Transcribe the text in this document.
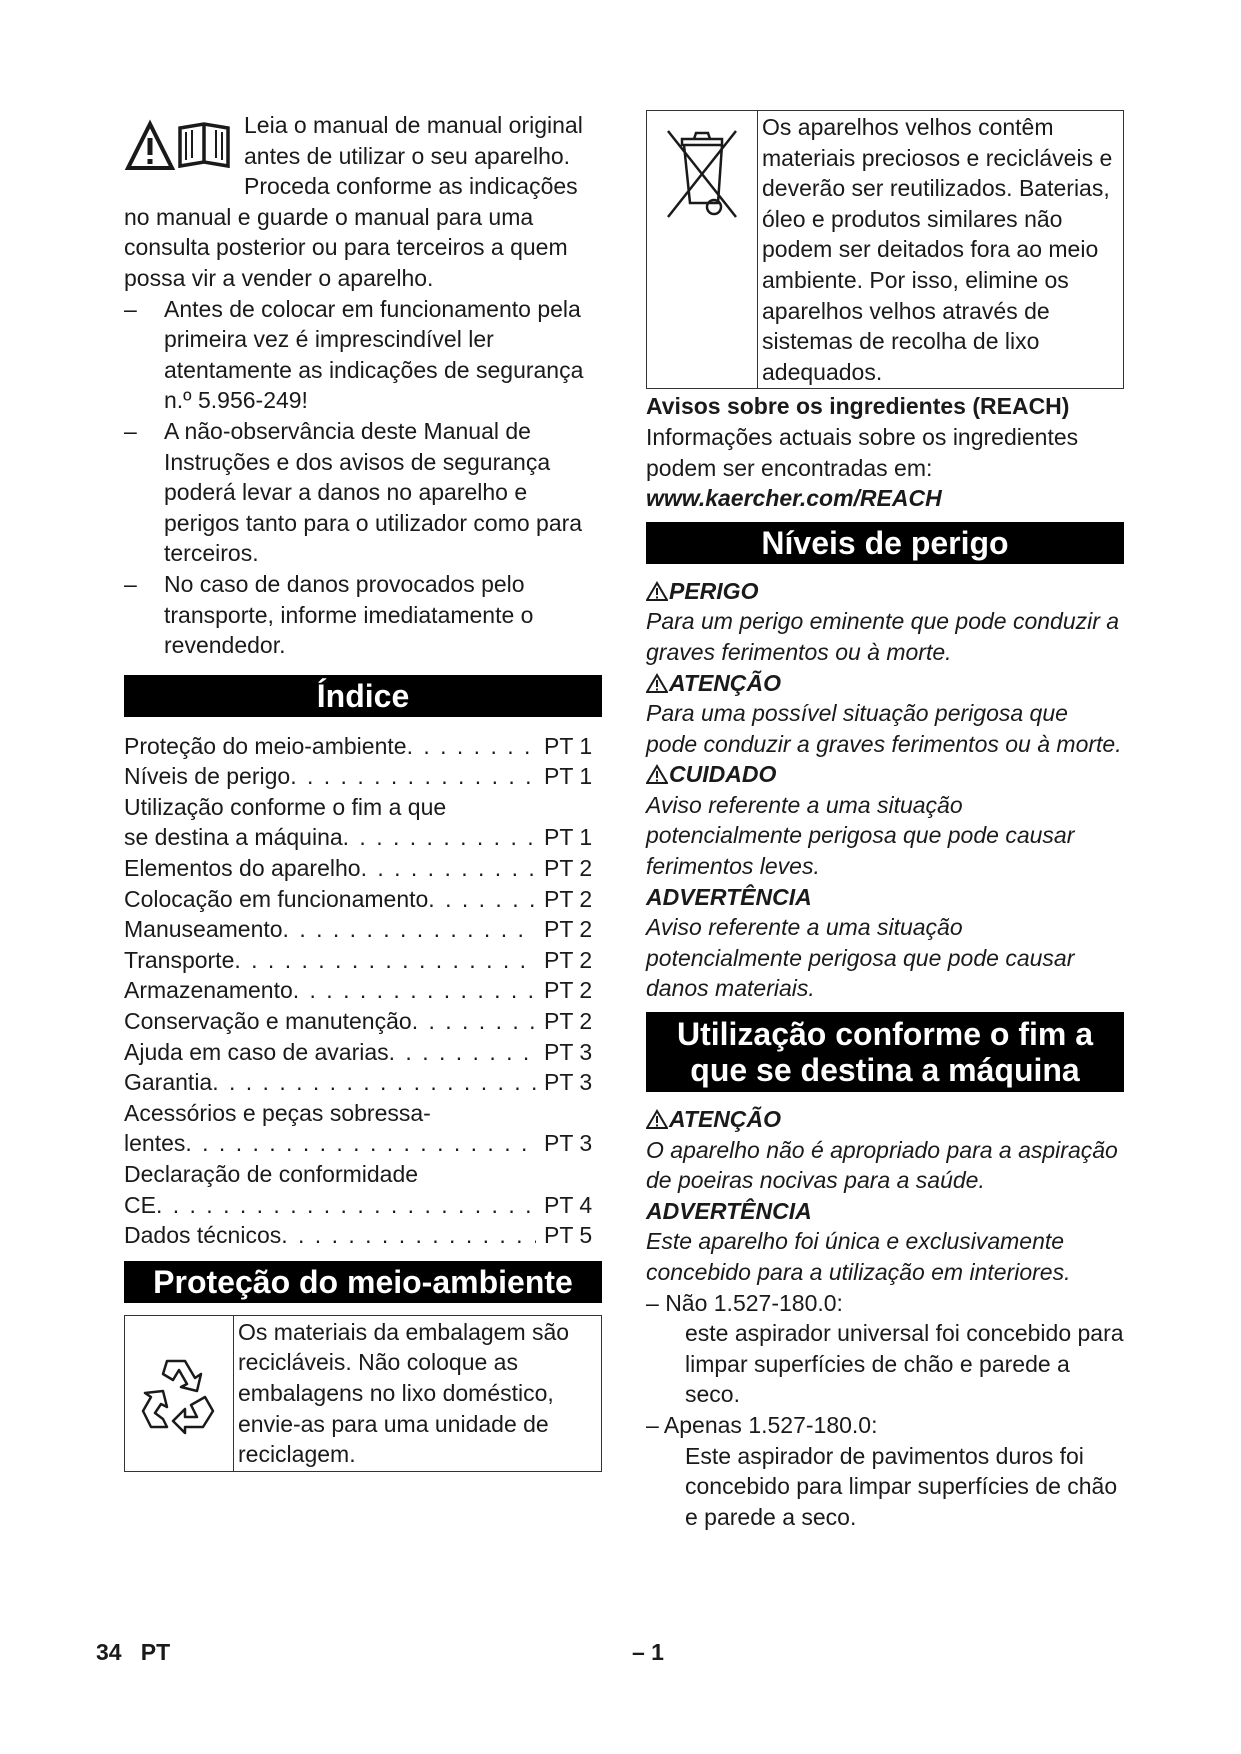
Leia o manual de manual original antes de utilizar o seu aparelho. Proceda conforme as indicações no manual e guarde o manual para uma consulta posterior ou para terceiros a quem possa vir a vender o aparelho.

– Antes de colocar em funcionamento pela primeira vez é imprescindível ler atentamente as indicações de segurança n.º 5.956-249!

– A não-observância deste Manual de Instruções e dos avisos de segurança poderá levar a danos no aparelho e perigos tanto para o utilizador como para terceiros.

– No caso de danos provocados pelo transporte, informe imediatamente o revendedor.

Índice
Proteção do meio-ambiente . . .	PT 1
Níveis de perigo . . .	PT 1
Utilização conforme o fim a que
se destina a máquina . . .	PT 1
Elementos do aparelho . . .	PT 2
Colocação em funcionamento . . .	PT 2
Manuseamento . . .	PT 2
Transporte . . .	PT 2
Armazenamento . . .	PT 2
Conservação e manutenção . . .	PT 2
Ajuda em caso de avarias . . .	PT 3
Garantia . . .	PT 3
Acessórios e peças sobressa-
lentes . . .	PT 3
Declaração de conformidade
CE . . .	PT 4
Dados técnicos . . .	PT 5
Proteção do meio-ambiente
Os materiais da embalagem são recicláveis. Não coloque as embalagens no lixo doméstico, envie-as para uma unidade de reciclagem.
Os aparelhos velhos contêm materiais preciosos e recicláveis e deverão ser reutilizados. Baterias, óleo e produtos similares não podem ser deitados fora ao meio ambiente. Por isso, elimine os aparelhos velhos através de sistemas de recolha de lixo adequados.

Avisos sobre os ingredientes (REACH)

Informações actuais sobre os ingredientes podem ser encontradas em:

www.kaercher.com/REACH

Níveis de perigo

PERIGO

Para um perigo eminente que pode conduzir a graves ferimentos ou à morte.

ATENÇÃO

Para uma possível situação perigosa que pode conduzir a graves ferimentos ou à morte.

CUIDADO

Aviso referente a uma situação potencialmente perigosa que pode causar ferimentos leves.

ADVERTÊNCIA

Aviso referente a uma situação potencialmente perigosa que pode causar danos materiais.

Utilização conforme o fim a
que se destina a máquina

ATENÇÃO

O aparelho não é apropriado para a aspiração de poeiras nocivas para a saúde.

ADVERTÊNCIA

Este aparelho foi única e exclusivamente concebido para a utilização em interiores.

– Não 1.527-180.0:

este aspirador universal foi concebido para limpar superfícies de chão e parede a seco.

– Apenas 1.527-180.0:

Este aspirador de pavimentos duros foi concebido para limpar superfícies de chão e parede a seco.

34 PT	– 1
